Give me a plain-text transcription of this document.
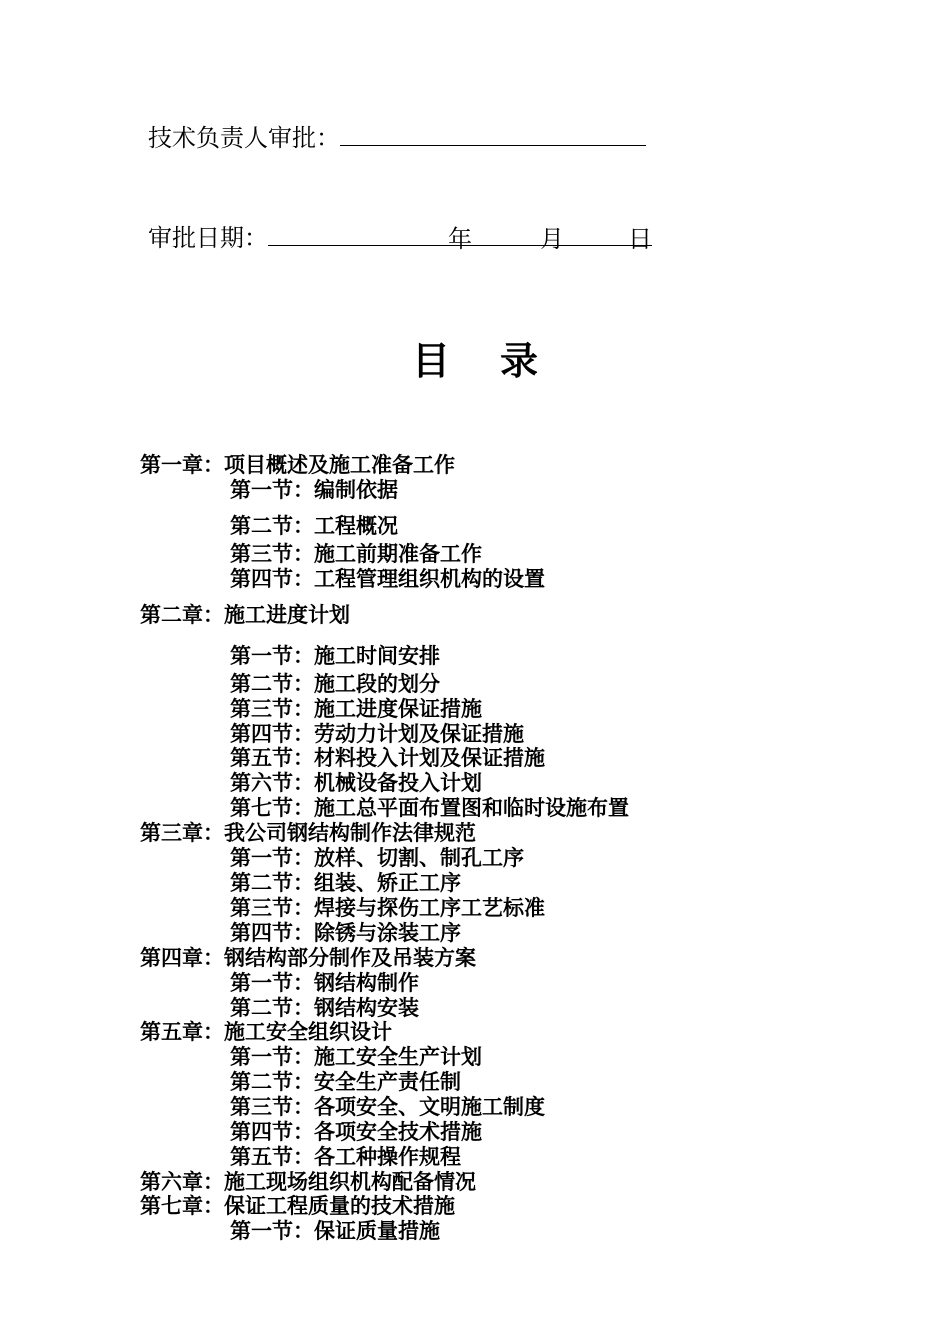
技术负责人审批：
审批日期：	年	月	日
目录
第一章：项目概述及施工准备工作
第一节：编制依据
第二节：工程概况
第三节：施工前期准备工作
第四节：工程管理组织机构的设置
第二章：施工进度计划
第一节：施工时间安排
第二节：施工段的划分
第三节：施工进度保证措施
第四节：劳动力计划及保证措施
第五节：材料投入计划及保证措施
第六节：机械设备投入计划
第七节：施工总平面布置图和临时设施布置
第三章：我公司钢结构制作法律规范
第一节：放样、切割、制孔工序
第二节：组装、矫正工序
第三节：焊接与探伤工序工艺标准
第四节：除锈与涂装工序
第四章：钢结构部分制作及吊装方案
第一节：钢结构制作
第二节：钢结构安装
第五章：施工安全组织设计
第一节：施工安全生产计划
第二节：安全生产责任制
第三节：各项安全、文明施工制度
第四节：各项安全技术措施
第五节：各工种操作规程
第六章：施工现场组织机构配备情况
第七章：保证工程质量的技术措施
第一节：保证质量措施
